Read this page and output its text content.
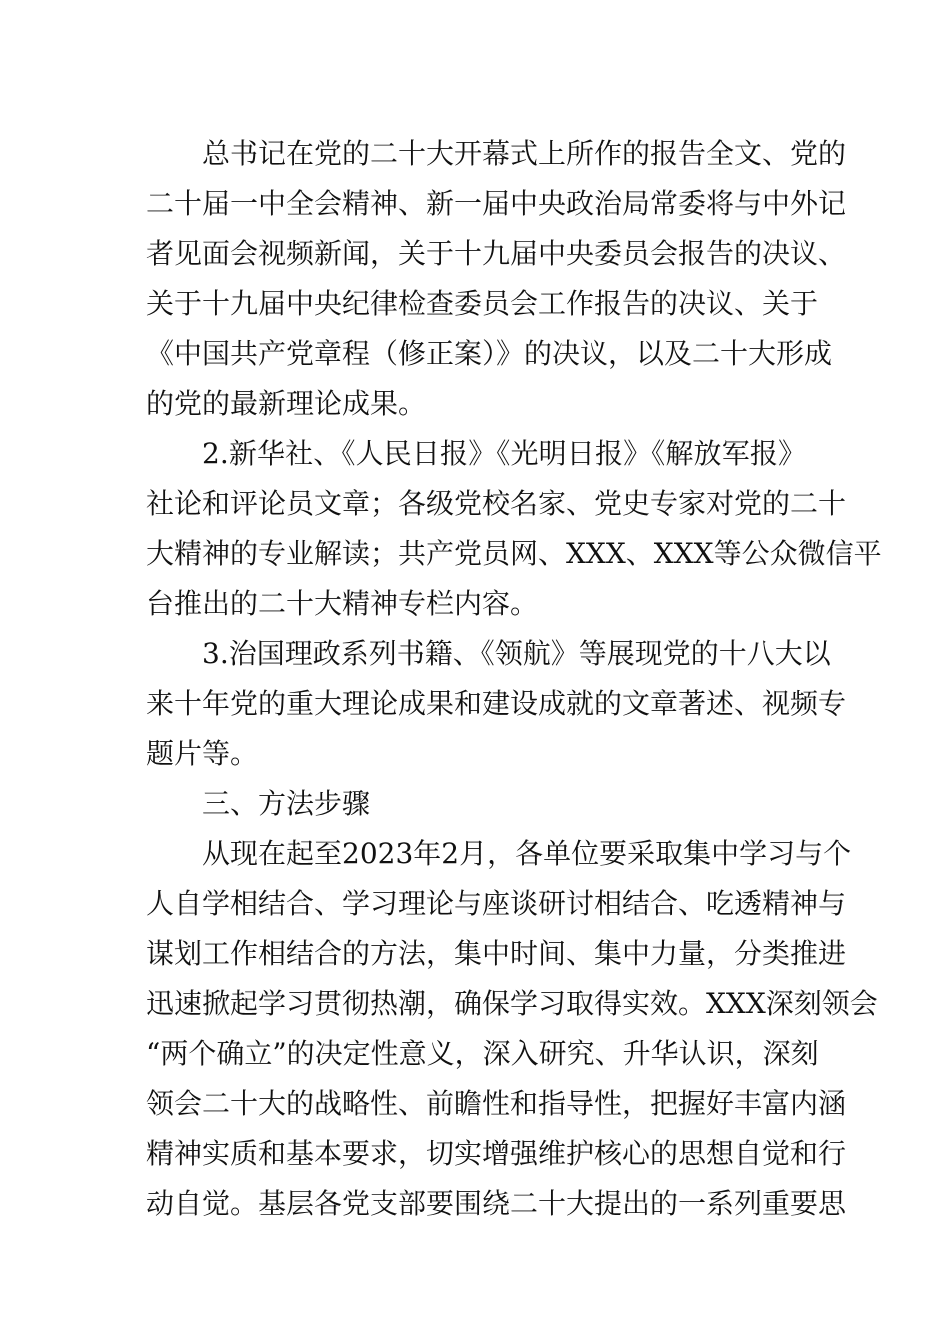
总书记在党的二十大开幕式上所作的报告全文、党的
二十届一中全会精神、新一届中央政治局常委将与中外记
者见面会视频新闻，关于十九届中央委员会报告的决议、
关于十九届中央纪律检查委员会工作报告的决议、关于
《中国共产党章程（修正案）》的决议，以及二十大形成
的党的最新理论成果。
2.新华社、《人民日报》《光明日报》《解放军报》
社论和评论员文章；各级党校名家、党史专家对党的二十
大精神的专业解读；共产党员网、XXX、XXX等公众微信平
台推出的二十大精神专栏内容。
3.治国理政系列书籍、《领航》等展现党的十八大以
来十年党的重大理论成果和建设成就的文章著述、视频专
题片等。
三、方法步骤
从现在起至2023年2月，各单位要采取集中学习与个
人自学相结合、学习理论与座谈研讨相结合、吃透精神与
谋划工作相结合的方法，集中时间、集中力量，分类推进
迅速掀起学习贯彻热潮，确保学习取得实效。XXX深刻领会
“两个确立”的决定性意义，深入研究、升华认识，深刻
领会二十大的战略性、前瞻性和指导性，把握好丰富内涵
精神实质和基本要求，切实增强维护核心的思想自觉和行
动自觉。基层各党支部要围绕二十大提出的一系列重要思
